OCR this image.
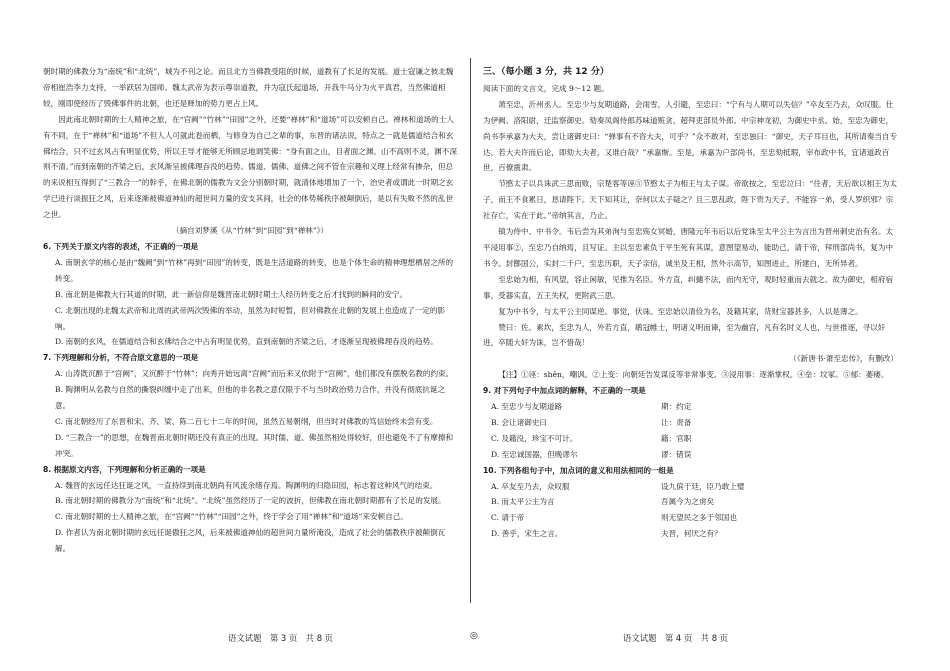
朝时期的佛教分为“南统”和“北统”，城为不刊之论。而且北方当佛教受阻的时候，道教有了长足的发展。道士寇谦之彼北魏帝相崔浩李力支持，一举跃居为国师。魏太武帝为表示尊崇道教，并为寇氏起道场，开我牛马分为火平真君，当然佛道相较，刚即使经历了毁佛事件的北朝，也还是释加的势力更占上风。

因此南北朝时期的士人精神之旅，在“宫阙”“竹林”“田园”之外，还要“禅林”和“道场”可以安顿自己。禅林和道场的士人有不同，在于“禅林”和“道场”不但人人可就此卷而栖，与修身为自己之辈的事，东晋的诸法说，特点之一就是儒道结合和玄佛结合，只不过玄风占有明显优势，所以王导才能够无所顾忌地调笑佛：“身有面之山，目者面之渊。山不高则不灵，渊不深则不清。”而到南朝的齐梁之后，玄风渐呈被佛理吞没的趋势。儒道、儒佛、道佛之间不管在宗趣和义理上经常有掺杂，但总的来说相互得到了“三教合一”的幹乎，在佛北朝的儒教为文会分别朝时期，就清体地增加了一个，治史者或谓此一时期之玄学已进行谈振狂之风，后来逐渐被佛道神仙的超世间力量的安支其间，社会的体势稀秩序被颠倒后，是以有失败不然的乱世之世。

（摘自刘梦溪《从“竹林”到“田园”到“禅林”》）

6. 下列关于原文内容的表述，不正确的一项是

A. 南朝玄学的核心是由“魏阙”到“竹林”再到“田园”的转变，既是生活道路的转变，也是个体生命的精神理想栖居之所的转变。

B. 南北朝是佛教大行其道的时期，此一新信仰是魏晋南北朝时期士人经历转变之后才找到的瞬间的安宁。

C. 北朝出现的北魏太武帝和北周的武帝两次毁佛的举动，虽然为时短暂，但对佛教在北朝的发展上也造成了一定的影响。

D. 南朝的玄风，在儒道结合和玄佛结合之中占有明显优势，直到南朝的齐梁之后，才逐渐呈现被佛理吞没的趋势。

7. 下列理解和分析，不符合原文意思的一项是

A. 山涛既沉醉于“宫阙”，又沉醉于“竹林”；向秀开始远离“宫阙”而后来又依附于“宫阙”，他们都没有摆脱名教的约束。

B. 陶渊明从名教与自然的撕裂纠缠中走了出来，但他的非名教之意仅限于不与当时政治势力合作，并没有彻底抗诞之意。

C. 南北朝经历了东晋和宋、齐、梁、陈二百七十二年的时间，虽然五易朝纲，但当时对佛教的笃信始终未尝有变。

D. “三教合一”的思想，在魏晋南北朝时期还没有真正的出现。其时儒、道、佛虽然相处得较好，但也避免不了有摩擦和冲突。

8. 根据原文内容，下列理解和分析正确的一项是

A. 魏晋的玄远任达狂诞之风，一直持续到南北朝尚有风流余绪存焉。陶渊明的归隐田园，标志着这种风气的结束。

B. 南北朝时期的佛教分为“南统”和“北统”。“北统”虽然经历了一定的波折，但佛教在南北朝时期都有了长足的发展。

C. 南北朝时期的士人精神之旅，在“宫阙”“竹林”“田园”之外，终于学会了用“禅林”和“道场”来安顿自己。

D. 作者认为南北朝时期的玄远任诞傲狂之风，后来被佛道神仙的超世间力量所淹没，造成了社会的儒教秩序被颠倒瓦解。

三、（每小题 3 分，共 12 分）

阅读下面的文言文，完成 9～12 题。

萧至忠，沂州丞人。至忠少与友期道路，会雨雪，人引避，至忠曰：“宁有与人期可以失信？”卒友至乃去，众叹服。仕为伊阙、洛阳尉，迁监察御史。劾奏凤阁侍郎苏味道赃贪，超拜吏部员外郎。中宗神龙初，为御史中丞。始，至忠为御史，尚书李承嘉为大夫，尝让诸御史曰：“弹事有不咨大夫，可乎？”众不敢对，至忠独曰：“御史，天子耳目也，其所请奏当自专达，若大夫许而后论，即劾大夫者，又谁白哉？”承嘉惭。至是，承嘉为户部尚书，至忠劾抵瑕，宰布政中书，宜诸道政百世，百僚震肃。

节愍太子以兵诛武三思而败，宗楚客等诬⑤节愍太子为相王与太子谋。帝欲按之，至忠泣曰：“往者，天后欲以相王为太子，而王不食累日，恳请陛下。天下知其让，奈何以太子疑之？且三思乱政，陛下贵为天子，不能容一弟，受人罗织邪？宗社存亡，实在于此。”帝纳其言，乃止。

镇为侍中、中书令。韦后尝为其弟洵与至忠殇女冥婚，唐隆元年韦后以后党诛至太平公主为言出为晋州刺史治有名。太平浸用事②，至忠乃自纳焉，且写证。主以至忠素负于平生死有其谋，意图望易动，能助己，请于帝，拜刑部尚书，复为中书令。封鄫国公，实封二千户，至忠历职，天子亲信，诚坐及王相，然外示高节，知图进止，所建白，无所异者。

至忠始为相，有风望，容止闲敏，见推为名臣。外方直，纠擿不法，而内无守，观时轻重而去就之。故为御史，相府宿事，受器实直，五王失权，更附武三思。

复为中书令，与太平公主同谋逆。事觉，伏诛。至忠始以清俭为名，及籍其家，货财宝器甚多，人以是薄之。

赞曰：佐。素坎，至忠为人，外若方直，鹖冠帷士，明诸义明而谏，至为幽宫，凡有名时义人也，与世推逐，寻以奸进，卒随大奸为诛，岂不惜哉！

（《新唐书·萧至忠传》，有删改）

【注】①诬：shěn，嘲讽。②上变：向朝廷告发谋反等非常事变。③浸用事：逐渐掌权。④垒：坟冢。⑤郁：萎痿。

9. 对下列句子中加点词的解释，不正确的一项是

A. 至忠少与友期道路	期：约定
B. 会让诸御史曰	让：责备
C. 及籍没，珍宝不可计。	籍：官职
D. 至忠诚国器，但晚谬尔	谬：错误

10. 下列各组句子中，加点词的意义和用法相同的一组是

A. 卒友至乃去，众叹服	设九傧于廷，臣乃敢上璧
B. 而太平公主为言	吾属今为之虏矣
C. 请于帝	则无望民之多于邻国也
D. 善乎，宋生之言。	夫晋，何厌之有？
语文试题　第 3 页　共 8 页	◎	语文试题　第 4 页　共 8 页
